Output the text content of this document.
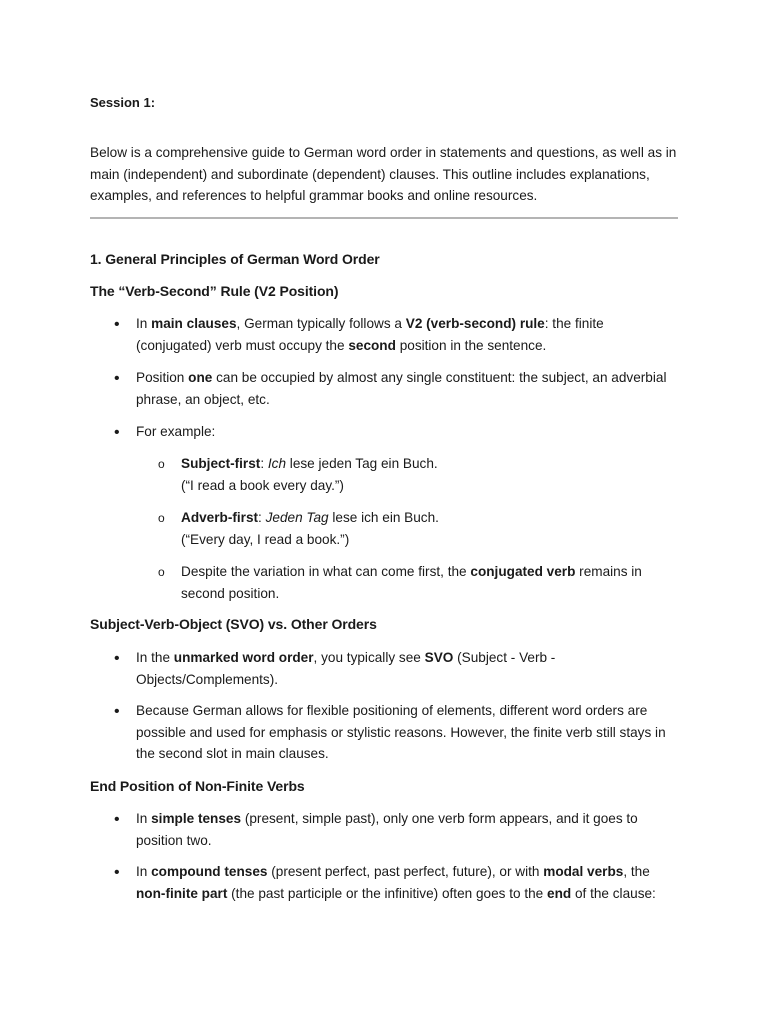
Session 1:
Below is a comprehensive guide to German word order in statements and questions, as well as in main (independent) and subordinate (dependent) clauses. This outline includes explanations, examples, and references to helpful grammar books and online resources.
1. General Principles of German Word Order
The “Verb-Second” Rule (V2 Position)
• In main clauses, German typically follows a V2 (verb-second) rule: the finite (conjugated) verb must occupy the second position in the sentence.
• Position one can be occupied by almost any single constituent: the subject, an adverbial phrase, an object, etc.
• For example:
o Subject-first: Ich lese jeden Tag ein Buch.
(“I read a book every day.”)
o Adverb-first: Jeden Tag lese ich ein Buch.
(“Every day, I read a book.”)
o Despite the variation in what can come first, the conjugated verb remains in second position.
Subject-Verb-Object (SVO) vs. Other Orders
• In the unmarked word order, you typically see SVO (Subject - Verb - Objects/Complements).
• Because German allows for flexible positioning of elements, different word orders are possible and used for emphasis or stylistic reasons. However, the finite verb still stays in the second slot in main clauses.
End Position of Non-Finite Verbs
• In simple tenses (present, simple past), only one verb form appears, and it goes to position two.
• In compound tenses (present perfect, past perfect, future), or with modal verbs, the non-finite part (the past participle or the infinitive) often goes to the end of the clause:
